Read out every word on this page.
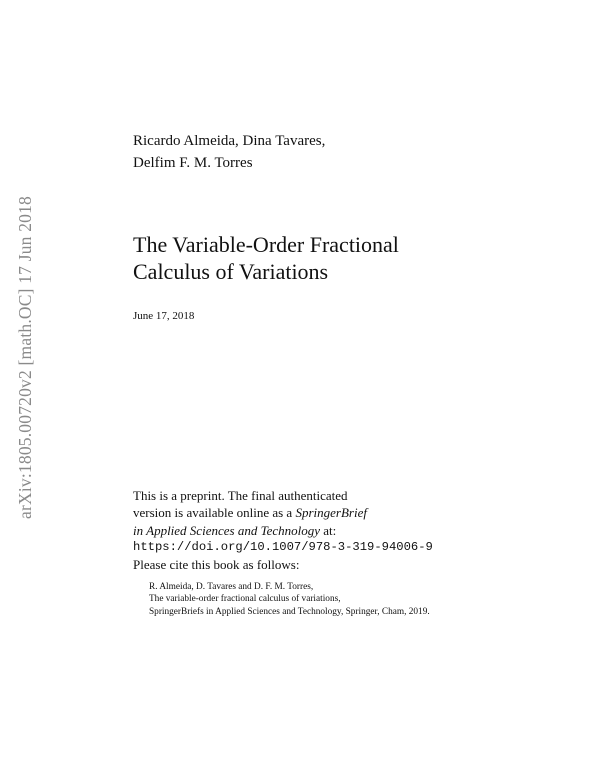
arXiv:1805.00720v2 [math.OC] 17 Jun 2018
Ricardo Almeida, Dina Tavares,
Delfim F. M. Torres
The Variable-Order Fractional
Calculus of Variations
June 17, 2018
This is a preprint. The final authenticated
version is available online as a SpringerBrief
in Applied Sciences and Technology at:
https://doi.org/10.1007/978-3-319-94006-9
Please cite this book as follows:
R. Almeida, D. Tavares and D. F. M. Torres,
The variable-order fractional calculus of variations,
SpringerBriefs in Applied Sciences and Technology, Springer, Cham, 2019.
